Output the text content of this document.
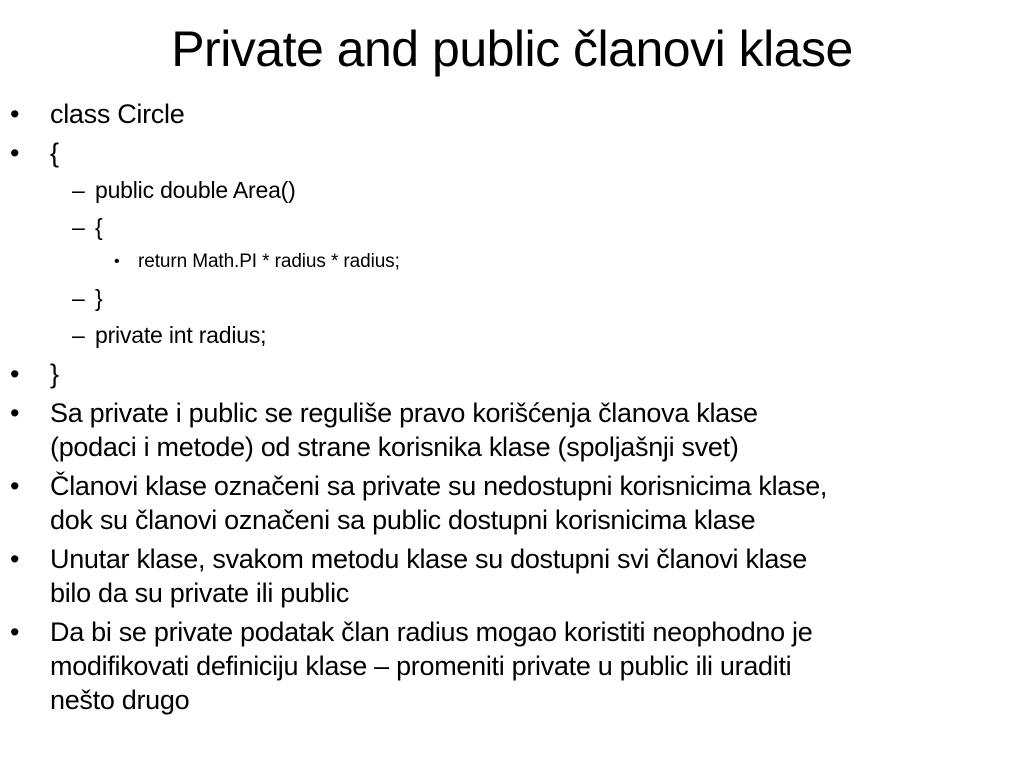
Private and public članovi klase
• class Circle
• {
– public double Area()
– {
• return Math.PI * radius * radius;
– }
– private int radius;
• }
• Sa private i public se reguliše pravo korišćenja članova klase
(podaci i metode) od strane korisnika klase (spoljašnji svet)
• Članovi klase označeni sa private su nedostupni korisnicima klase,
dok su članovi označeni sa public dostupni korisnicima klase
• Unutar klase, svakom metodu klase su dostupni svi članovi klase
bilo da su private ili public
• Da bi se private podatak član radius mogao koristiti neophodno je
modifikovati definiciju klase – promeniti private u public ili uraditi
nešto drugo
